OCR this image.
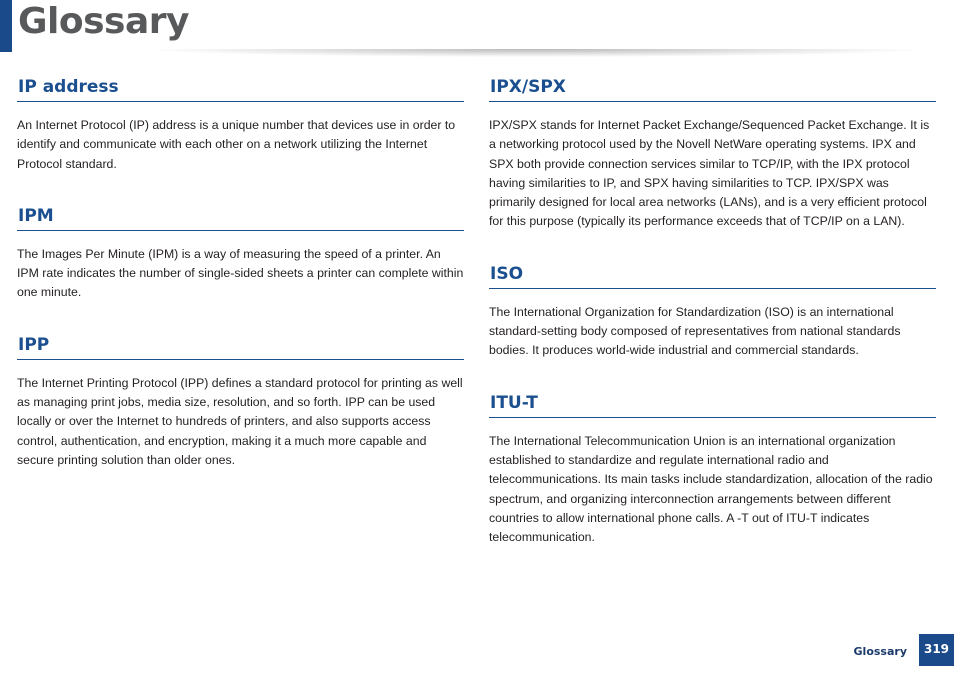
Glossary
IP address

An Internet Protocol (IP) address is a unique number that devices use in order to identify and communicate with each other on a network utilizing the Internet Protocol standard.

IPM

The Images Per Minute (IPM) is a way of measuring the speed of a printer. An IPM rate indicates the number of single-sided sheets a printer can complete within one minute.

IPP

The Internet Printing Protocol (IPP) defines a standard protocol for printing as well as managing print jobs, media size, resolution, and so forth. IPP can be used locally or over the Internet to hundreds of printers, and also supports access control, authentication, and encryption, making it a much more capable and secure printing solution than older ones.

IPX/SPX

IPX/SPX stands for Internet Packet Exchange/Sequenced Packet Exchange. It is a networking protocol used by the Novell NetWare operating systems. IPX and SPX both provide connection services similar to TCP/IP, with the IPX protocol having similarities to IP, and SPX having similarities to TCP. IPX/SPX was primarily designed for local area networks (LANs), and is a very efficient protocol for this purpose (typically its performance exceeds that of TCP/IP on a LAN).

ISO

The International Organization for Standardization (ISO) is an international standard-setting body composed of representatives from national standards bodies. It produces world-wide industrial and commercial standards.

ITU-T

The International Telecommunication Union is an international organization established to standardize and regulate international radio and telecommunications. Its main tasks include standardization, allocation of the radio spectrum, and organizing interconnection arrangements between different countries to allow international phone calls. A -T out of ITU-T indicates telecommunication.

Glossary	319
